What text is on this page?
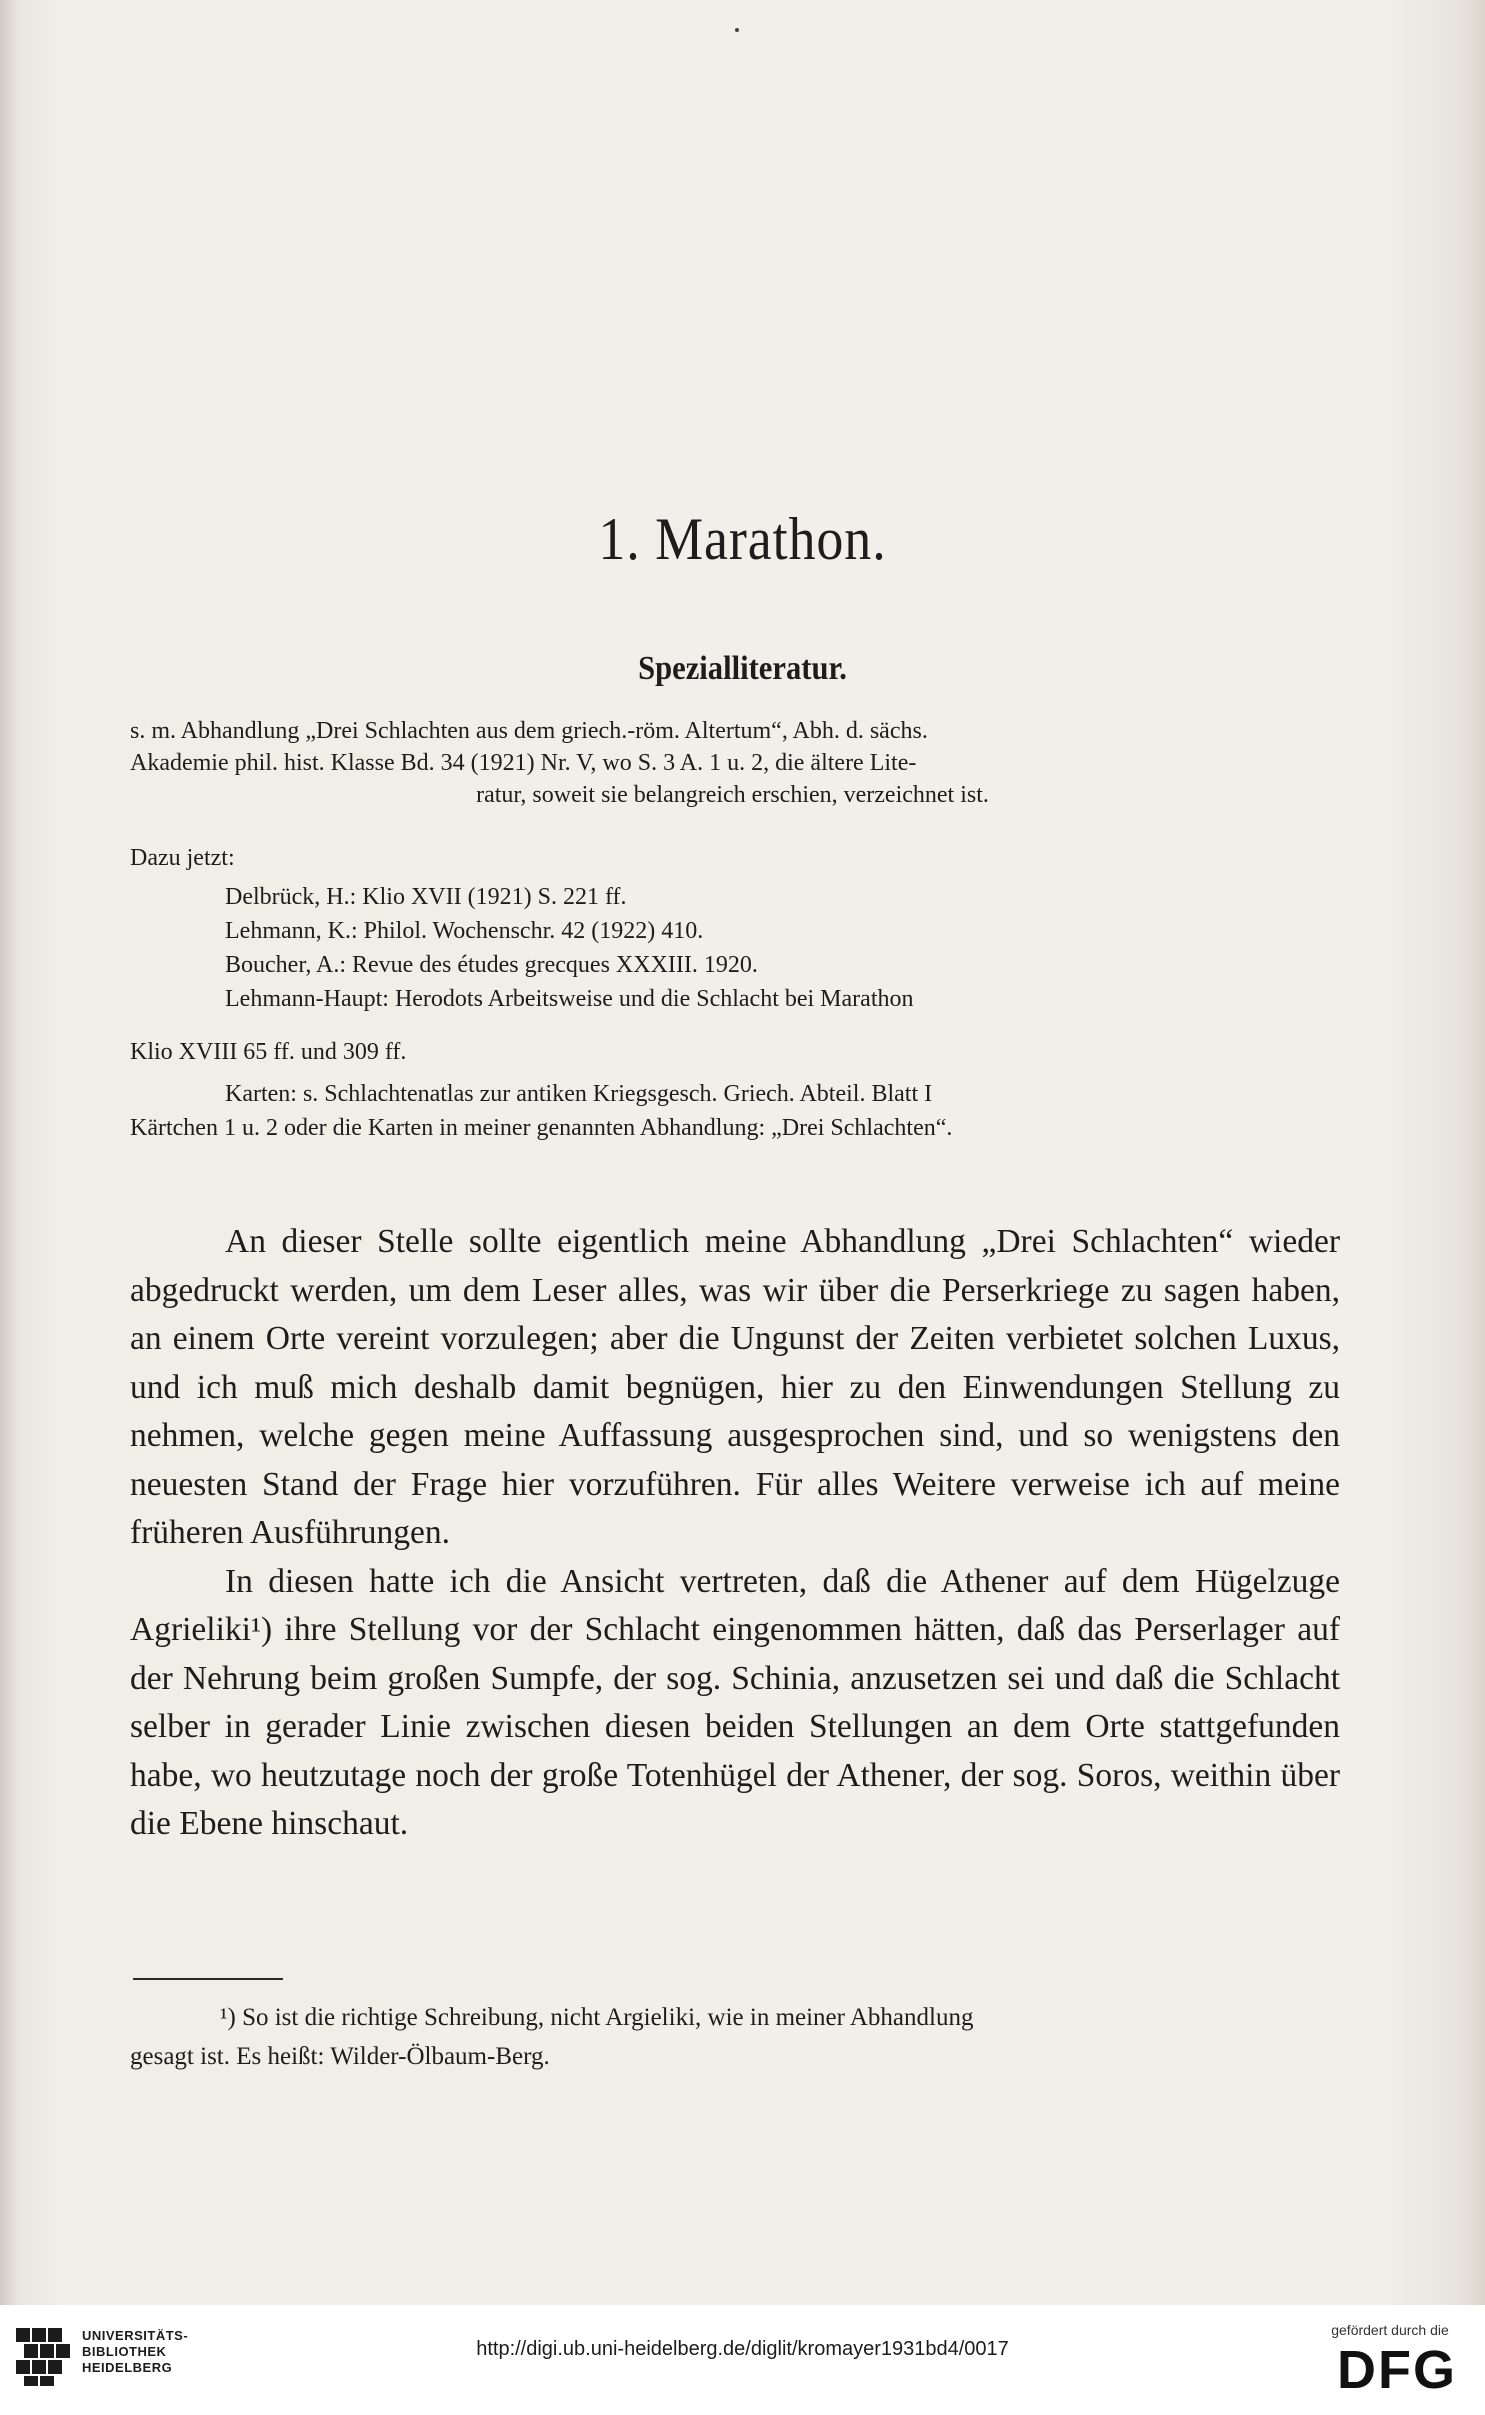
1. Marathon.
Spezialliteratur.
s. m. Abhandlung „Drei Schlachten aus dem griech.-röm. Altertum“, Abh. d. sächs.
Akademie phil. hist. Klasse Bd. 34 (1921) Nr. V, wo S. 3 A. 1 u. 2, die ältere Lite-
ratur, soweit sie belangreich erschien, verzeichnet ist.
Dazu jetzt:
Delbrück, H.: Klio XVII (1921) S. 221 ff.
Lehmann, K.: Philol. Wochenschr. 42 (1922) 410.
Boucher, A.: Revue des études grecques XXXIII. 1920.
Lehmann-Haupt: Herodots Arbeitsweise und die Schlacht bei Marathon
Klio XVIII 65 ff. und 309 ff.
Karten: s. Schlachtenatlas zur antiken Kriegsgesch. Griech. Abteil. Blatt I
Kärtchen 1 u. 2 oder die Karten in meiner genannten Abhandlung: „Drei Schlachten“.

An dieser Stelle sollte eigentlich meine Abhandlung „Drei Schlachten“ wieder abgedruckt werden, um dem Leser alles, was wir über die Perserkriege zu sagen haben, an einem Orte vereint vorzulegen; aber die Ungunst der Zeiten verbietet solchen Luxus, und ich muß mich deshalb damit begnügen, hier zu den Einwendungen Stellung zu nehmen, welche gegen meine Auffassung ausgesprochen sind, und so wenigstens den neuesten Stand der Frage hier vorzuführen. Für alles Weitere verweise ich auf meine früheren Ausführungen.

In diesen hatte ich die Ansicht vertreten, daß die Athener auf dem Hügelzuge Agrieliki¹) ihre Stellung vor der Schlacht eingenommen hätten, daß das Perserlager auf der Nehrung beim großen Sumpfe, der sog. Schinia, anzusetzen sei und daß die Schlacht selber in gerader Linie zwischen diesen beiden Stellungen an dem Orte stattgefunden habe, wo heutzutage noch der große Totenhügel der Athener, der sog. Soros, weithin über die Ebene hinschaut.

¹) So ist die richtige Schreibung, nicht Argieliki, wie in meiner Abhandlung
gesagt ist. Es heißt: Wilder-Ölbaum-Berg.
UNIVERSITÄTS-
BIBLIOTHEK
HEIDELBERG
http://digi.ub.uni-heidelberg.de/diglit/kromayer1931bd4/0017
gefördert durch die
DFG
